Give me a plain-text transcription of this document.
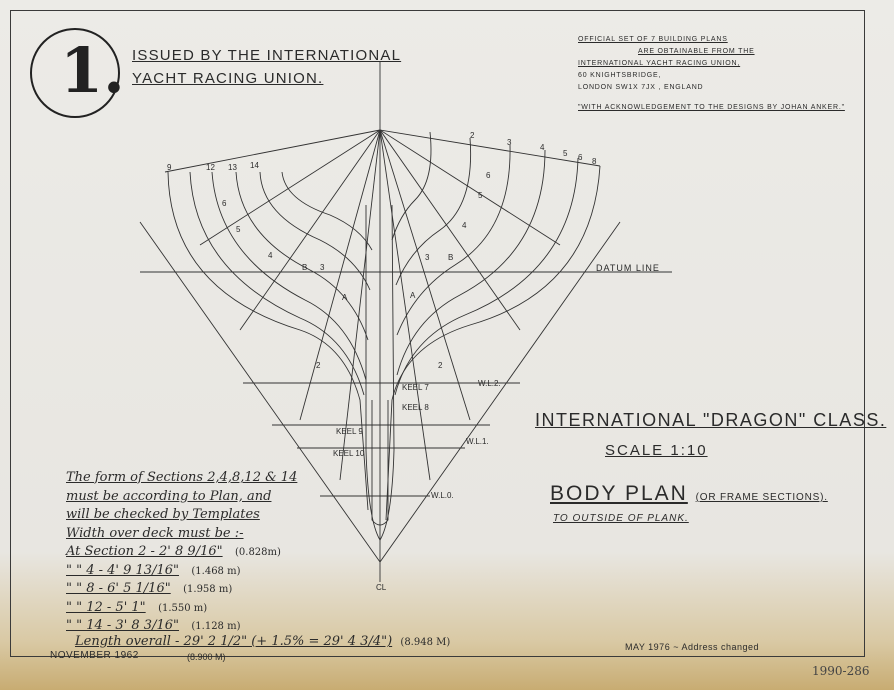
9	12 13 14
2
3
4
5 6 8
4
B 3
3 B
A	A
2	2
4
5
5
6
6
W.L.2.
W.L.1.
W.L.0.
KEEL 9
KEEL 10
KEEL 7
KEEL 8
CL
1. ISSUED BY THE INTERNATIONAL
YACHT RACING UNION.
OFFICIAL SET OF 7 BUILDING PLANS
ARE OBTAINABLE FROM THE
INTERNATIONAL YACHT RACING UNION,
60 KNIGHTSBRIDGE,
LONDON SW1X 7JX , ENGLAND
"WITH ACKNOWLEDGEMENT TO THE DESIGNS BY JOHAN ANKER."
DATUM LINE
INTERNATIONAL "DRAGON" CLASS.
SCALE 1:10
BODY PLAN (OR FRAME SECTIONS).
TO OUTSIDE OF PLANK.
The form of Sections 2,4,8,12 & 14
must be according to Plan, and
will be checked by Templates
Width over deck must be :-
At Section 2 - 2' 8 9/16" (0.828m)
" " 4 - 4' 9 13/16" (1.468 m)
" " 8 - 6' 5 1/16" (1.958 m)
" " 12 - 5' 1" (1.550 m)
" " 14 - 3' 8 3/16" (1.128 m)
Length overall - 29' 2 1/2" (+ 1.5% = 29' 4 3/4") (8.948 M)
NOVEMBER 1962	(8.900 M)
MAY 1976 ~ Address changed
1990-286
